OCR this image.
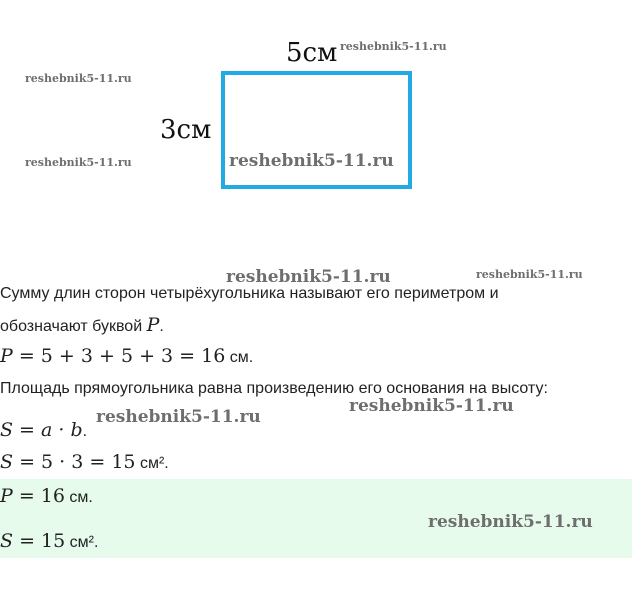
5см
3см
reshebnik5-11.ru
reshebnik5-11.ru
reshebnik5-11.ru	reshebnik5-11.ru
reshebnik5-11.ru	reshebnik5-11.ru
Сумму длин сторон четырёхугольника называют его периметром и
обозначают буквой P.
P = 5 + 3 + 5 + 3 = 16 см.
Площадь прямоугольника равна произведению его основания на высоту:
S = a · b.
reshebnik5-11.ru
reshebnik5-11.ru
S = 5 · 3 = 15 см².
P = 16 см.
S = 15 см².
reshebnik5-11.ru
